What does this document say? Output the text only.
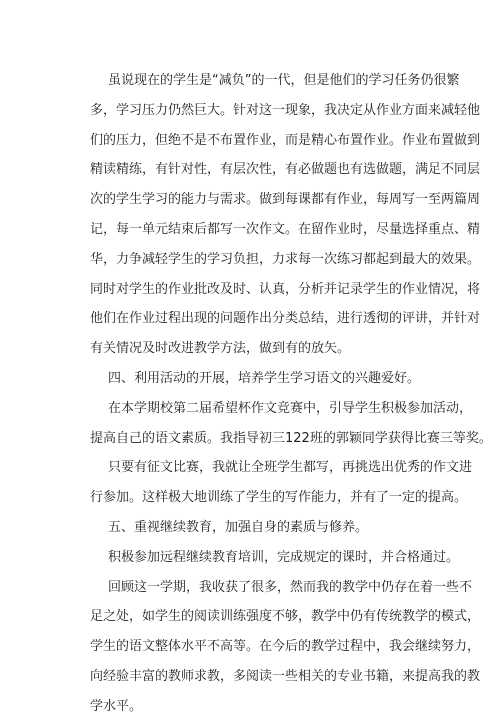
虽说现在的学生是“减负”的一代，但是他们的学习任务仍很繁
多，学习压力仍然巨大。针对这一现象，我决定从作业方面来减轻他
们的压力，但绝不是不布置作业，而是精心布置作业。作业布置做到
精读精练，有针对性，有层次性，有必做题也有选做题，满足不同层
次的学生学习的能力与需求。做到每课都有作业，每周写一至两篇周
记，每一单元结束后都写一次作文。在留作业时，尽量选择重点、精
华，力争减轻学生的学习负担，力求每一次练习都起到最大的效果。
同时对学生的作业批改及时、认真，分析并记录学生的作业情况，将
他们在作业过程出现的问题作出分类总结，进行透彻的评讲，并针对
有关情况及时改进教学方法，做到有的放矢。
四、利用活动的开展，培养学生学习语文的兴趣爱好。
在本学期校第二届希望杯作文竞赛中，引导学生积极参加活动，
提高自己的语文素质。我指导初三122班的郭颖同学获得比赛三等奖。
只要有征文比赛，我就让全班学生都写，再挑选出优秀的作文进
行参加。这样极大地训练了学生的写作能力，并有了一定的提高。
五、重视继续教育，加强自身的素质与修养。
积极参加远程继续教育培训，完成规定的课时，并合格通过。
回顾这一学期，我收获了很多，然而我的教学中仍存在着一些不
足之处，如学生的阅读训练强度不够，教学中仍有传统教学的模式，
学生的语文整体水平不高等。在今后的教学过程中，我会继续努力，
向经验丰富的教师求教，多阅读一些相关的专业书籍，来提高我的教
学水平。
